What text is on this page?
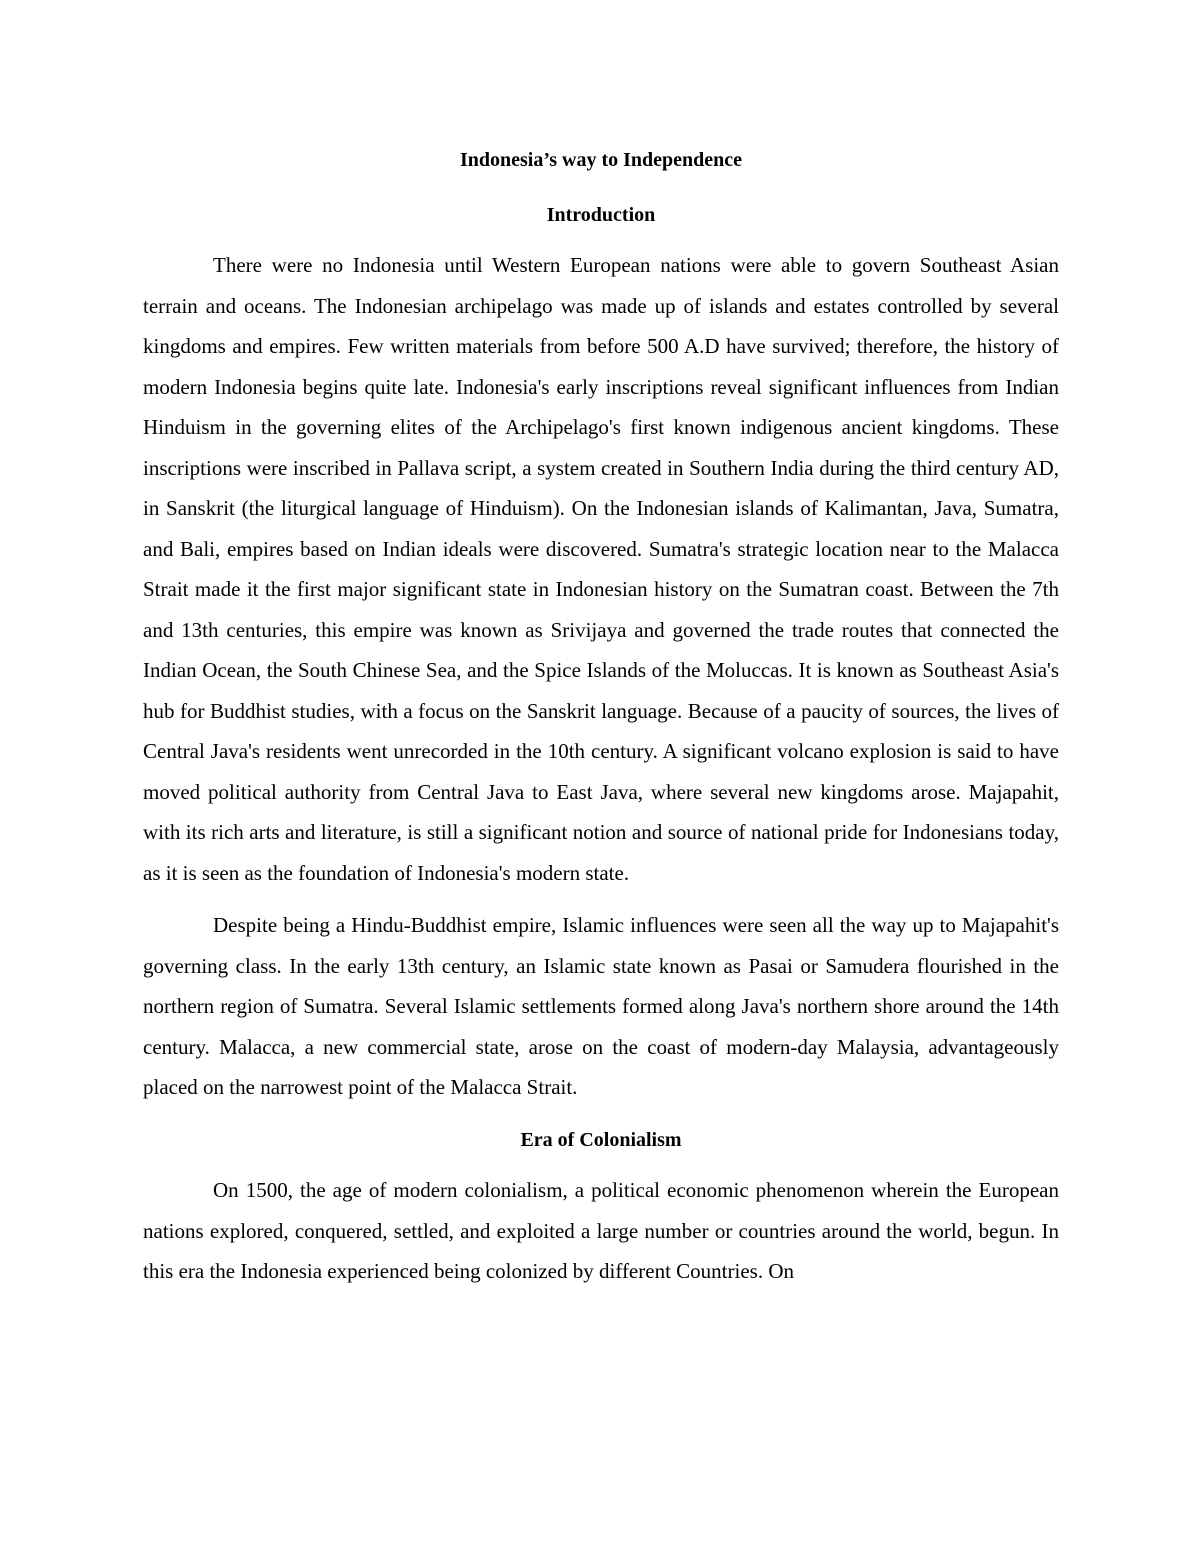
Indonesia’s way to Independence

Introduction

There were no Indonesia until Western European nations were able to govern Southeast Asian terrain and oceans. The Indonesian archipelago was made up of islands and estates controlled by several kingdoms and empires. Few written materials from before 500 A.D have survived; therefore, the history of modern Indonesia begins quite late. Indonesia's early inscriptions reveal significant influences from Indian Hinduism in the governing elites of the Archipelago's first known indigenous ancient kingdoms. These inscriptions were inscribed in Pallava script, a system created in Southern India during the third century AD, in Sanskrit (the liturgical language of Hinduism). On the Indonesian islands of Kalimantan, Java, Sumatra, and Bali, empires based on Indian ideals were discovered. Sumatra's strategic location near to the Malacca Strait made it the first major significant state in Indonesian history on the Sumatran coast. Between the 7th and 13th centuries, this empire was known as Srivijaya and governed the trade routes that connected the Indian Ocean, the South Chinese Sea, and the Spice Islands of the Moluccas. It is known as Southeast Asia's hub for Buddhist studies, with a focus on the Sanskrit language. Because of a paucity of sources, the lives of Central Java's residents went unrecorded in the 10th century. A significant volcano explosion is said to have moved political authority from Central Java to East Java, where several new kingdoms arose. Majapahit, with its rich arts and literature, is still a significant notion and source of national pride for Indonesians today, as it is seen as the foundation of Indonesia's modern state.

Despite being a Hindu-Buddhist empire, Islamic influences were seen all the way up to Majapahit's governing class. In the early 13th century, an Islamic state known as Pasai or Samudera flourished in the northern region of Sumatra. Several Islamic settlements formed along Java's northern shore around the 14th century. Malacca, a new commercial state, arose on the coast of modern-day Malaysia, advantageously placed on the narrowest point of the Malacca Strait.

Era of Colonialism

On 1500, the age of modern colonialism, a political economic phenomenon wherein the European nations explored, conquered, settled, and exploited a large number or countries around the world, begun. In this era the Indonesia experienced being colonized by different Countries. On
